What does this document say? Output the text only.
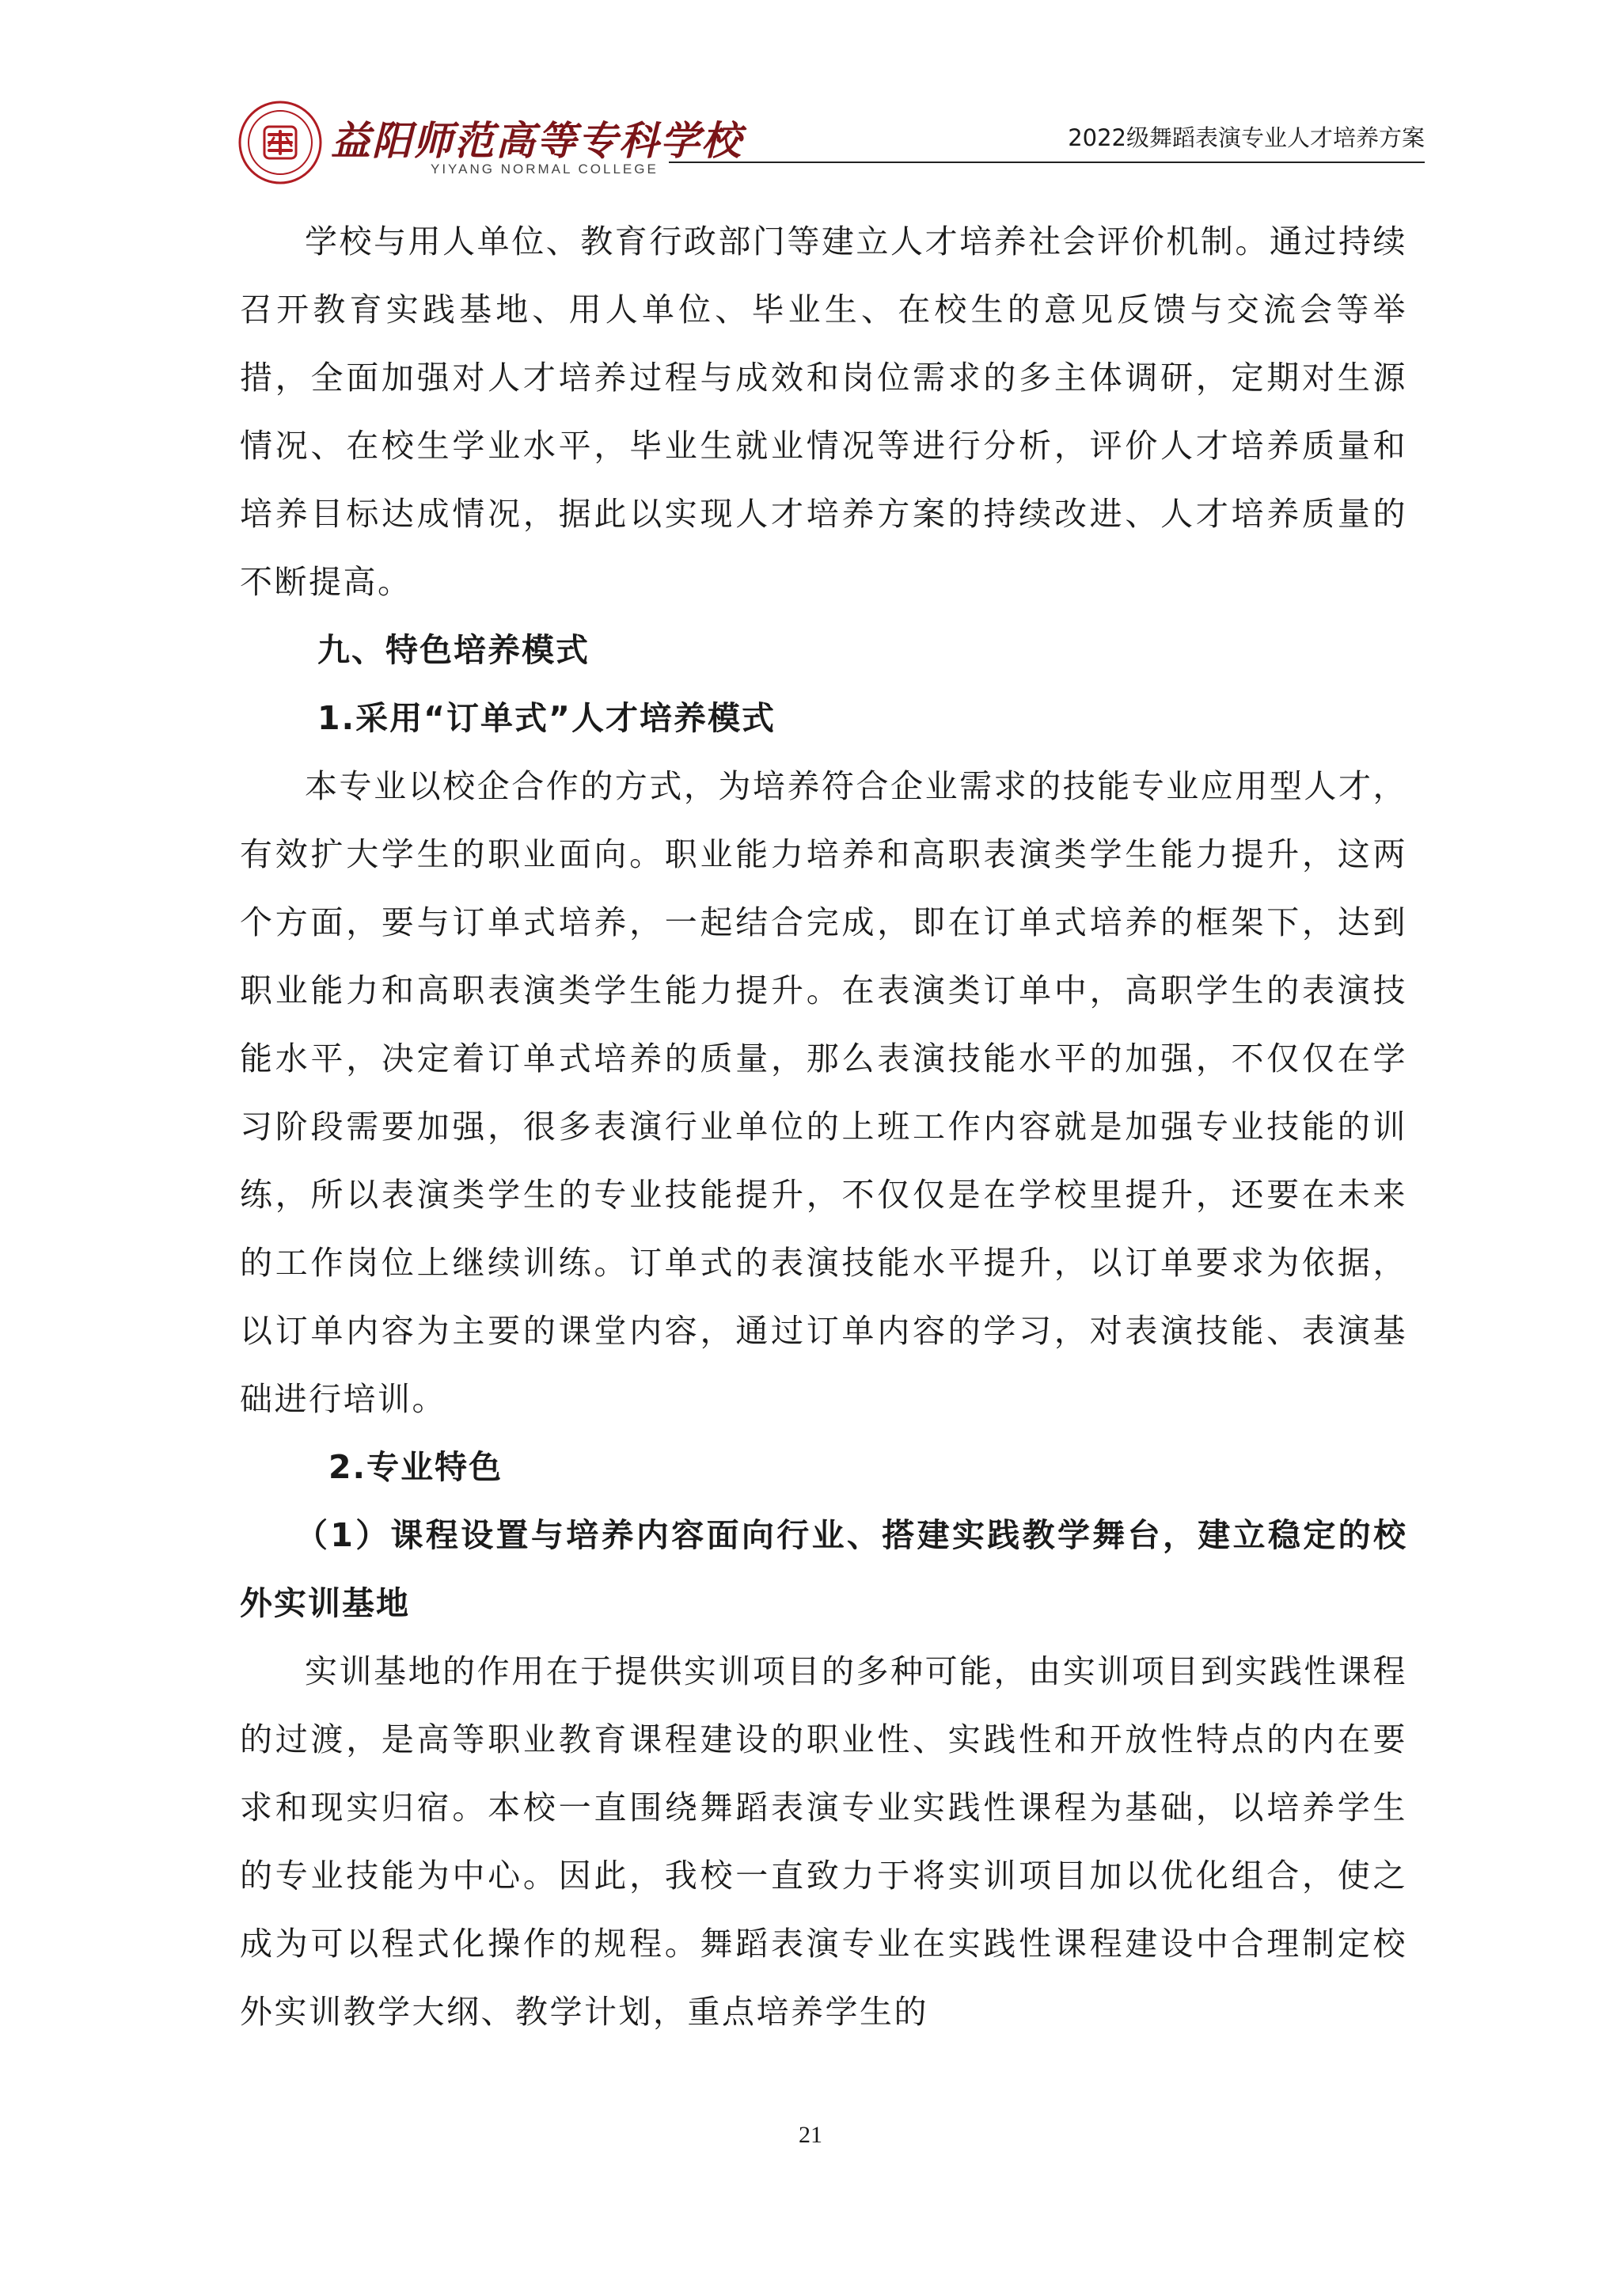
益阳师范高等专科学校
YIYANG NORMAL COLLEGE
2022级舞蹈表演专业人才培养方案

学校与用人单位、教育行政部门等建立人才培养社会评价机制。通过持续召开教育实践基地、用人单位、毕业生、在校生的意见反馈与交流会等举措，全面加强对人才培养过程与成效和岗位需求的多主体调研，定期对生源情况、在校生学业水平，毕业生就业情况等进行分析，评价人才培养质量和培养目标达成情况，据此以实现人才培养方案的持续改进、人才培养质量的不断提高。

九、特色培养模式

1.采用“订单式”人才培养模式

本专业以校企合作的方式，为培养符合企业需求的技能专业应用型人才，有效扩大学生的职业面向。职业能力培养和高职表演类学生能力提升，这两个方面，要与订单式培养，一起结合完成，即在订单式培养的框架下，达到职业能力和高职表演类学生能力提升。在表演类订单中，高职学生的表演技能水平，决定着订单式培养的质量，那么表演技能水平的加强，不仅仅在学习阶段需要加强，很多表演行业单位的上班工作内容就是加强专业技能的训练，所以表演类学生的专业技能提升，不仅仅是在学校里提升，还要在未来的工作岗位上继续训练。订单式的表演技能水平提升，以订单要求为依据，以订单内容为主要的课堂内容，通过订单内容的学习，对表演技能、表演基础进行培训。

2.专业特色

（1）课程设置与培养内容面向行业、搭建实践教学舞台，建立稳定的校外实训基地

实训基地的作用在于提供实训项目的多种可能，由实训项目到实践性课程的过渡，是高等职业教育课程建设的职业性、实践性和开放性特点的内在要求和现实归宿。本校一直围绕舞蹈表演专业实践性课程为基础，以培养学生的专业技能为中心。因此，我校一直致力于将实训项目加以优化组合，使之成为可以程式化操作的规程。舞蹈表演专业在实践性课程建设中合理制定校外实训教学大纲、教学计划，重点培养学生的

21
